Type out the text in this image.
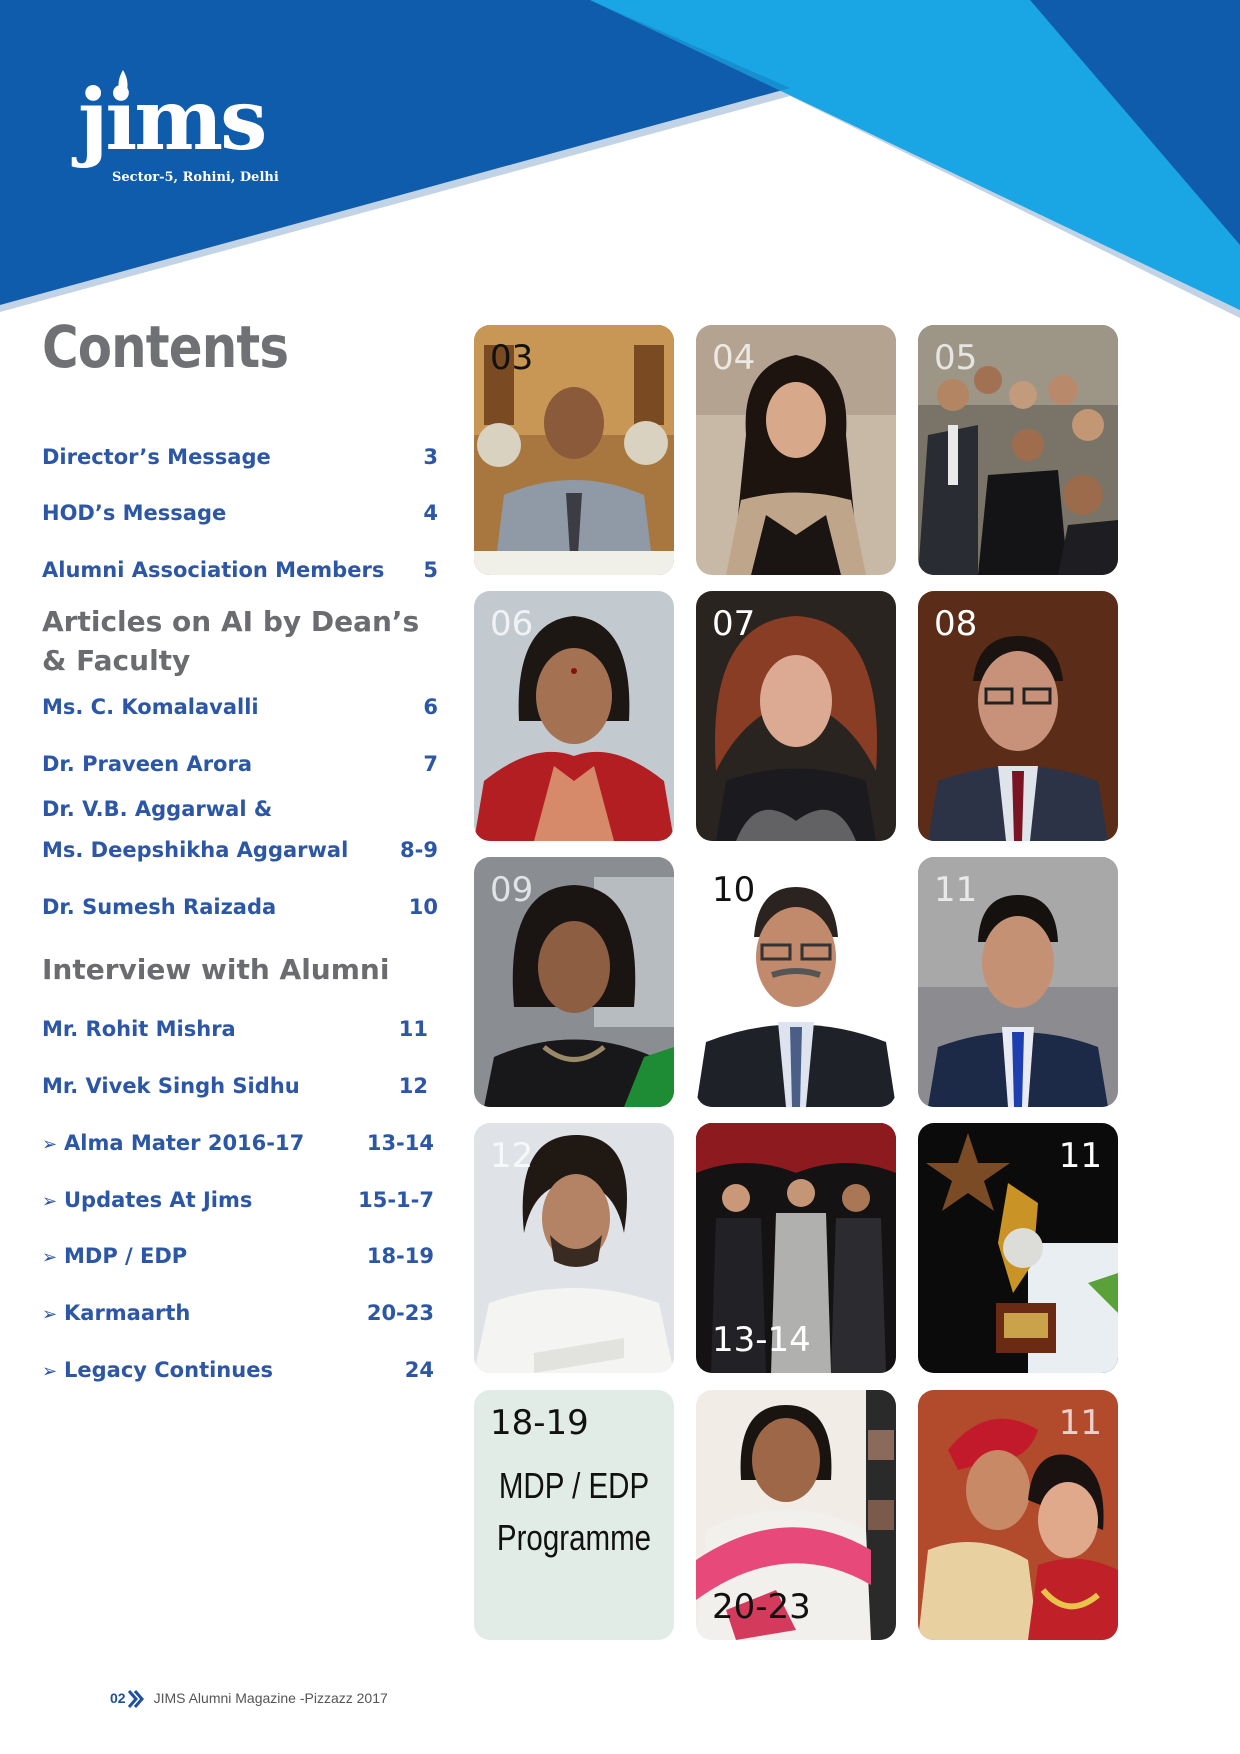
jims
Sector-5, Rohini, Delhi
Contents
Director’s Message	3
HOD’s Message	4
Alumni Association Members 5
Articles on AI by Dean’s & Faculty
Ms. C. Komalavalli	6
Dr. Praveen Arora	7
Dr. V.B. Aggarwal &
Ms. Deepshikha Aggarwal 8-9
Dr. Sumesh Raizada	10
Interview with Alumni
Mr. Rohit Mishra	11
Mr. Vivek Singh Sidhu	12
➢ Alma Mater 2016-17	13-14
➢ Updates At Jims	15-1-7
➢ MDP / EDP	18-19
➢ Karmaarth	20-23
➢ Legacy Continues	24
03	04	05
06	07	08
09	10	11
12
13-14
11
18-19
MDP / EDP
Programme
20-23
11
02 JIMS Alumni Magazine -Pizzazz 2017
